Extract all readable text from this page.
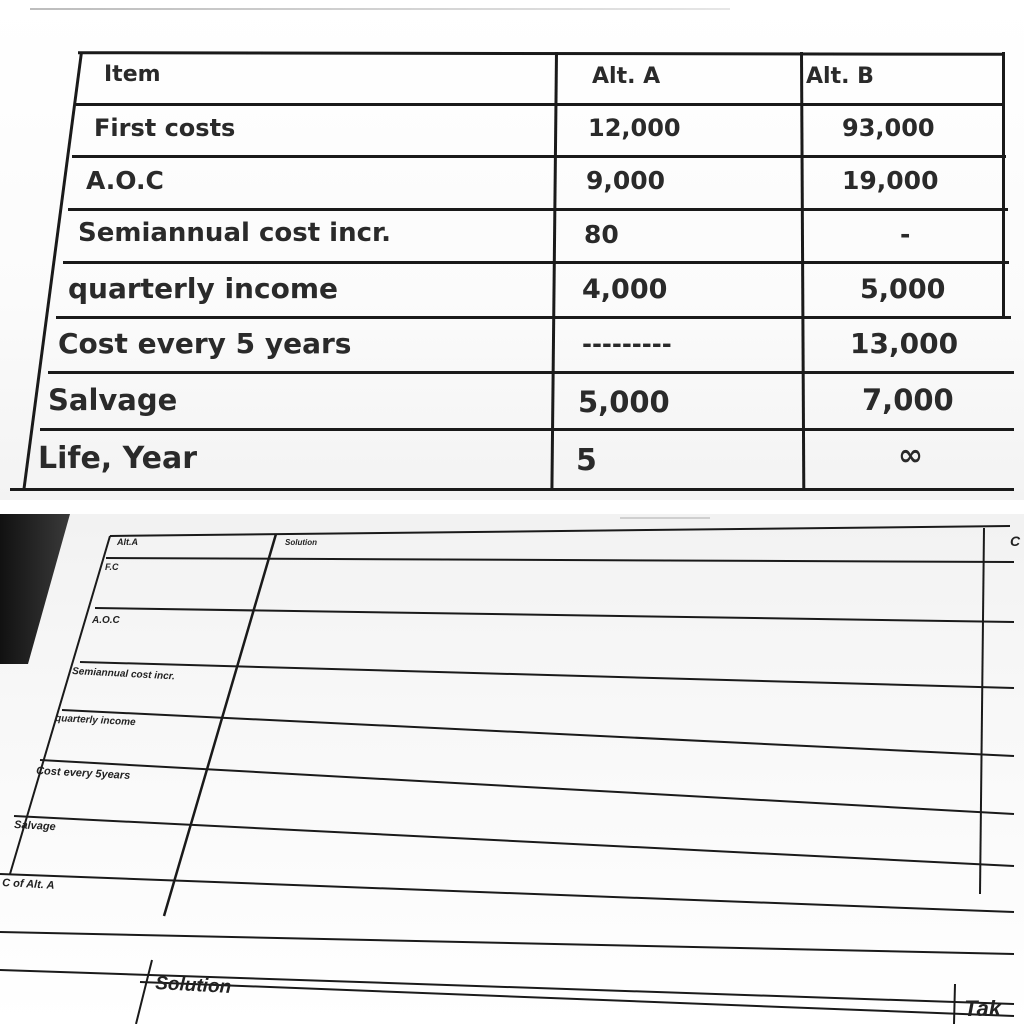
Item	Alt. A	Alt. B
First costs	12,000	93,000
A.O.C	9,000	19,000
Semiannual cost incr.	80	-
quarterly income	4,000	5,000
Cost every 5 years	---------	13,000
Salvage	5,000	7,000
Life, Year	5	∞
Alt.A	Solution	C
F.C
A.O.C
Semiannual cost incr.
quarterly income
Cost every 5years
Salvage
C of Alt. A
Solution
Tak
